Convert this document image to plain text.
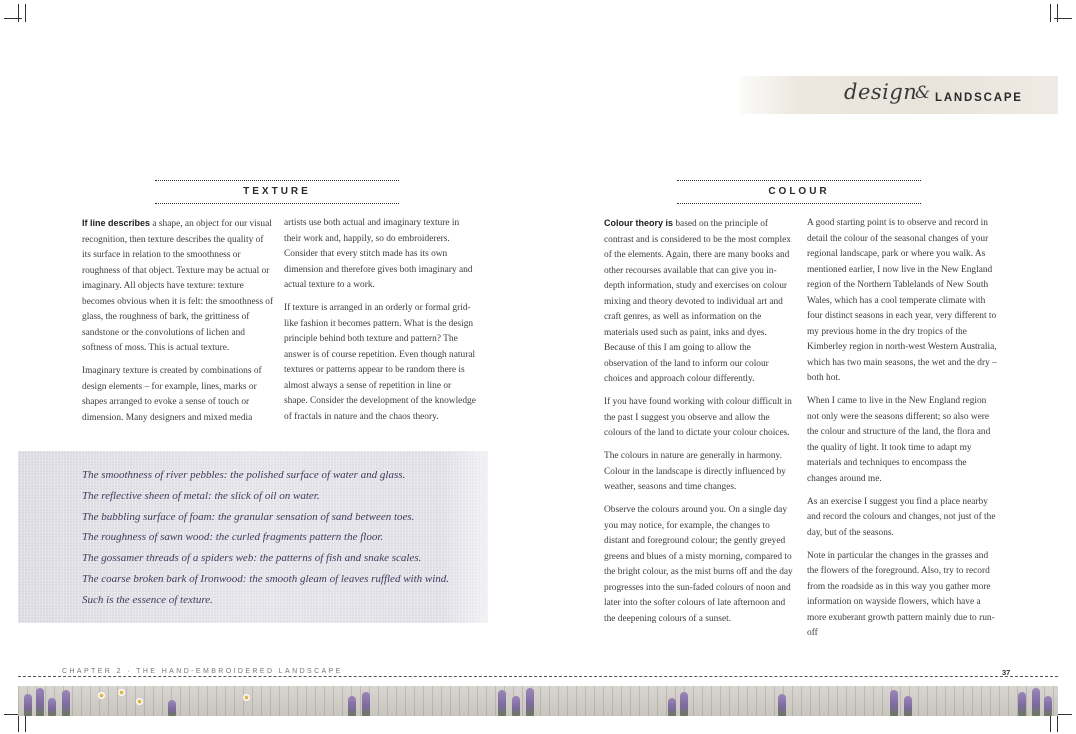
design
& LANDSCAPE
TEXTURE	COLOUR

If line describes a shape, an object for our visual recognition, then texture describes the quality of its surface in relation to the smoothness or roughness of that object. Texture may be actual or imaginary. All objects have texture: texture becomes obvious when it is felt: the smoothness of glass, the roughness of bark, the grittiness of sandstone or the convolutions of lichen and softness of moss. This is actual texture.

Imaginary texture is created by combinations of design elements – for example, lines, marks or shapes arranged to evoke a sense of touch or dimension. Many designers and mixed media

artists use both actual and imaginary texture in their work and, happily, so do embroiderers. Consider that every stitch made has its own dimension and therefore gives both imaginary and actual texture to a work.

If texture is arranged in an orderly or formal grid-like fashion it becomes pattern. What is the design principle behind both texture and pattern? The answer is of course repetition. Even though natural textures or patterns appear to be random there is almost always a sense of repetition in line or shape. Consider the development of the knowledge of fractals in nature and the chaos theory.

The smoothness of river pebbles: the polished surface of water and glass.
The reflective sheen of metal: the slick of oil on water.
The bubbling surface of foam: the granular sensation of sand between toes.
The roughness of sawn wood: the curled fragments pattern the floor.
The gossamer threads of a spiders web: the patterns of fish and snake scales.
The coarse broken bark of Ironwood: the smooth gleam of leaves ruffled with wind.
Such is the essence of texture.

Colour theory is based on the principle of contrast and is considered to be the most complex of the elements. Again, there are many books and other recourses available that can give you in-depth information, study and exercises on colour mixing and theory devoted to individual art and craft genres, as well as information on the materials used such as paint, inks and dyes. Because of this I am going to allow the observation of the land to inform our colour choices and approach colour differently.

If you have found working with colour difficult in the past I suggest you observe and allow the colours of the land to dictate your colour choices.

The colours in nature are generally in harmony. Colour in the landscape is directly influenced by weather, seasons and time changes.

Observe the colours around you. On a single day you may notice, for example, the changes to distant and foreground colour; the gently greyed greens and blues of a misty morning, compared to the bright colour, as the mist burns off and the day progresses into the sun-faded colours of noon and later into the softer colours of late afternoon and the deepening colours of a sunset.

A good starting point is to observe and record in detail the colour of the seasonal changes of your regional landscape, park or where you walk. As mentioned earlier, I now live in the New England region of the Northern Tablelands of New South Wales, which has a cool temperate climate with four distinct seasons in each year, very different to my previous home in the dry tropics of the Kimberley region in north-west Western Australia, which has two main seasons, the wet and the dry – both hot.

When I came to live in the New England region not only were the seasons different; so also were the colour and structure of the land, the flora and the quality of light. It took time to adapt my materials and techniques to encompass the changes around me.

As an exercise I suggest you find a place nearby and record the colours and changes, not just of the day, but of the seasons.

Note in particular the changes in the grasses and the flowers of the foreground. Also, try to record from the roadside as in this way you gather more information on wayside flowers, which have a more exuberant growth pattern mainly due to run-off

CHAPTER 2 · THE HAND-EMBROIDERED LANDSCAPE	37
